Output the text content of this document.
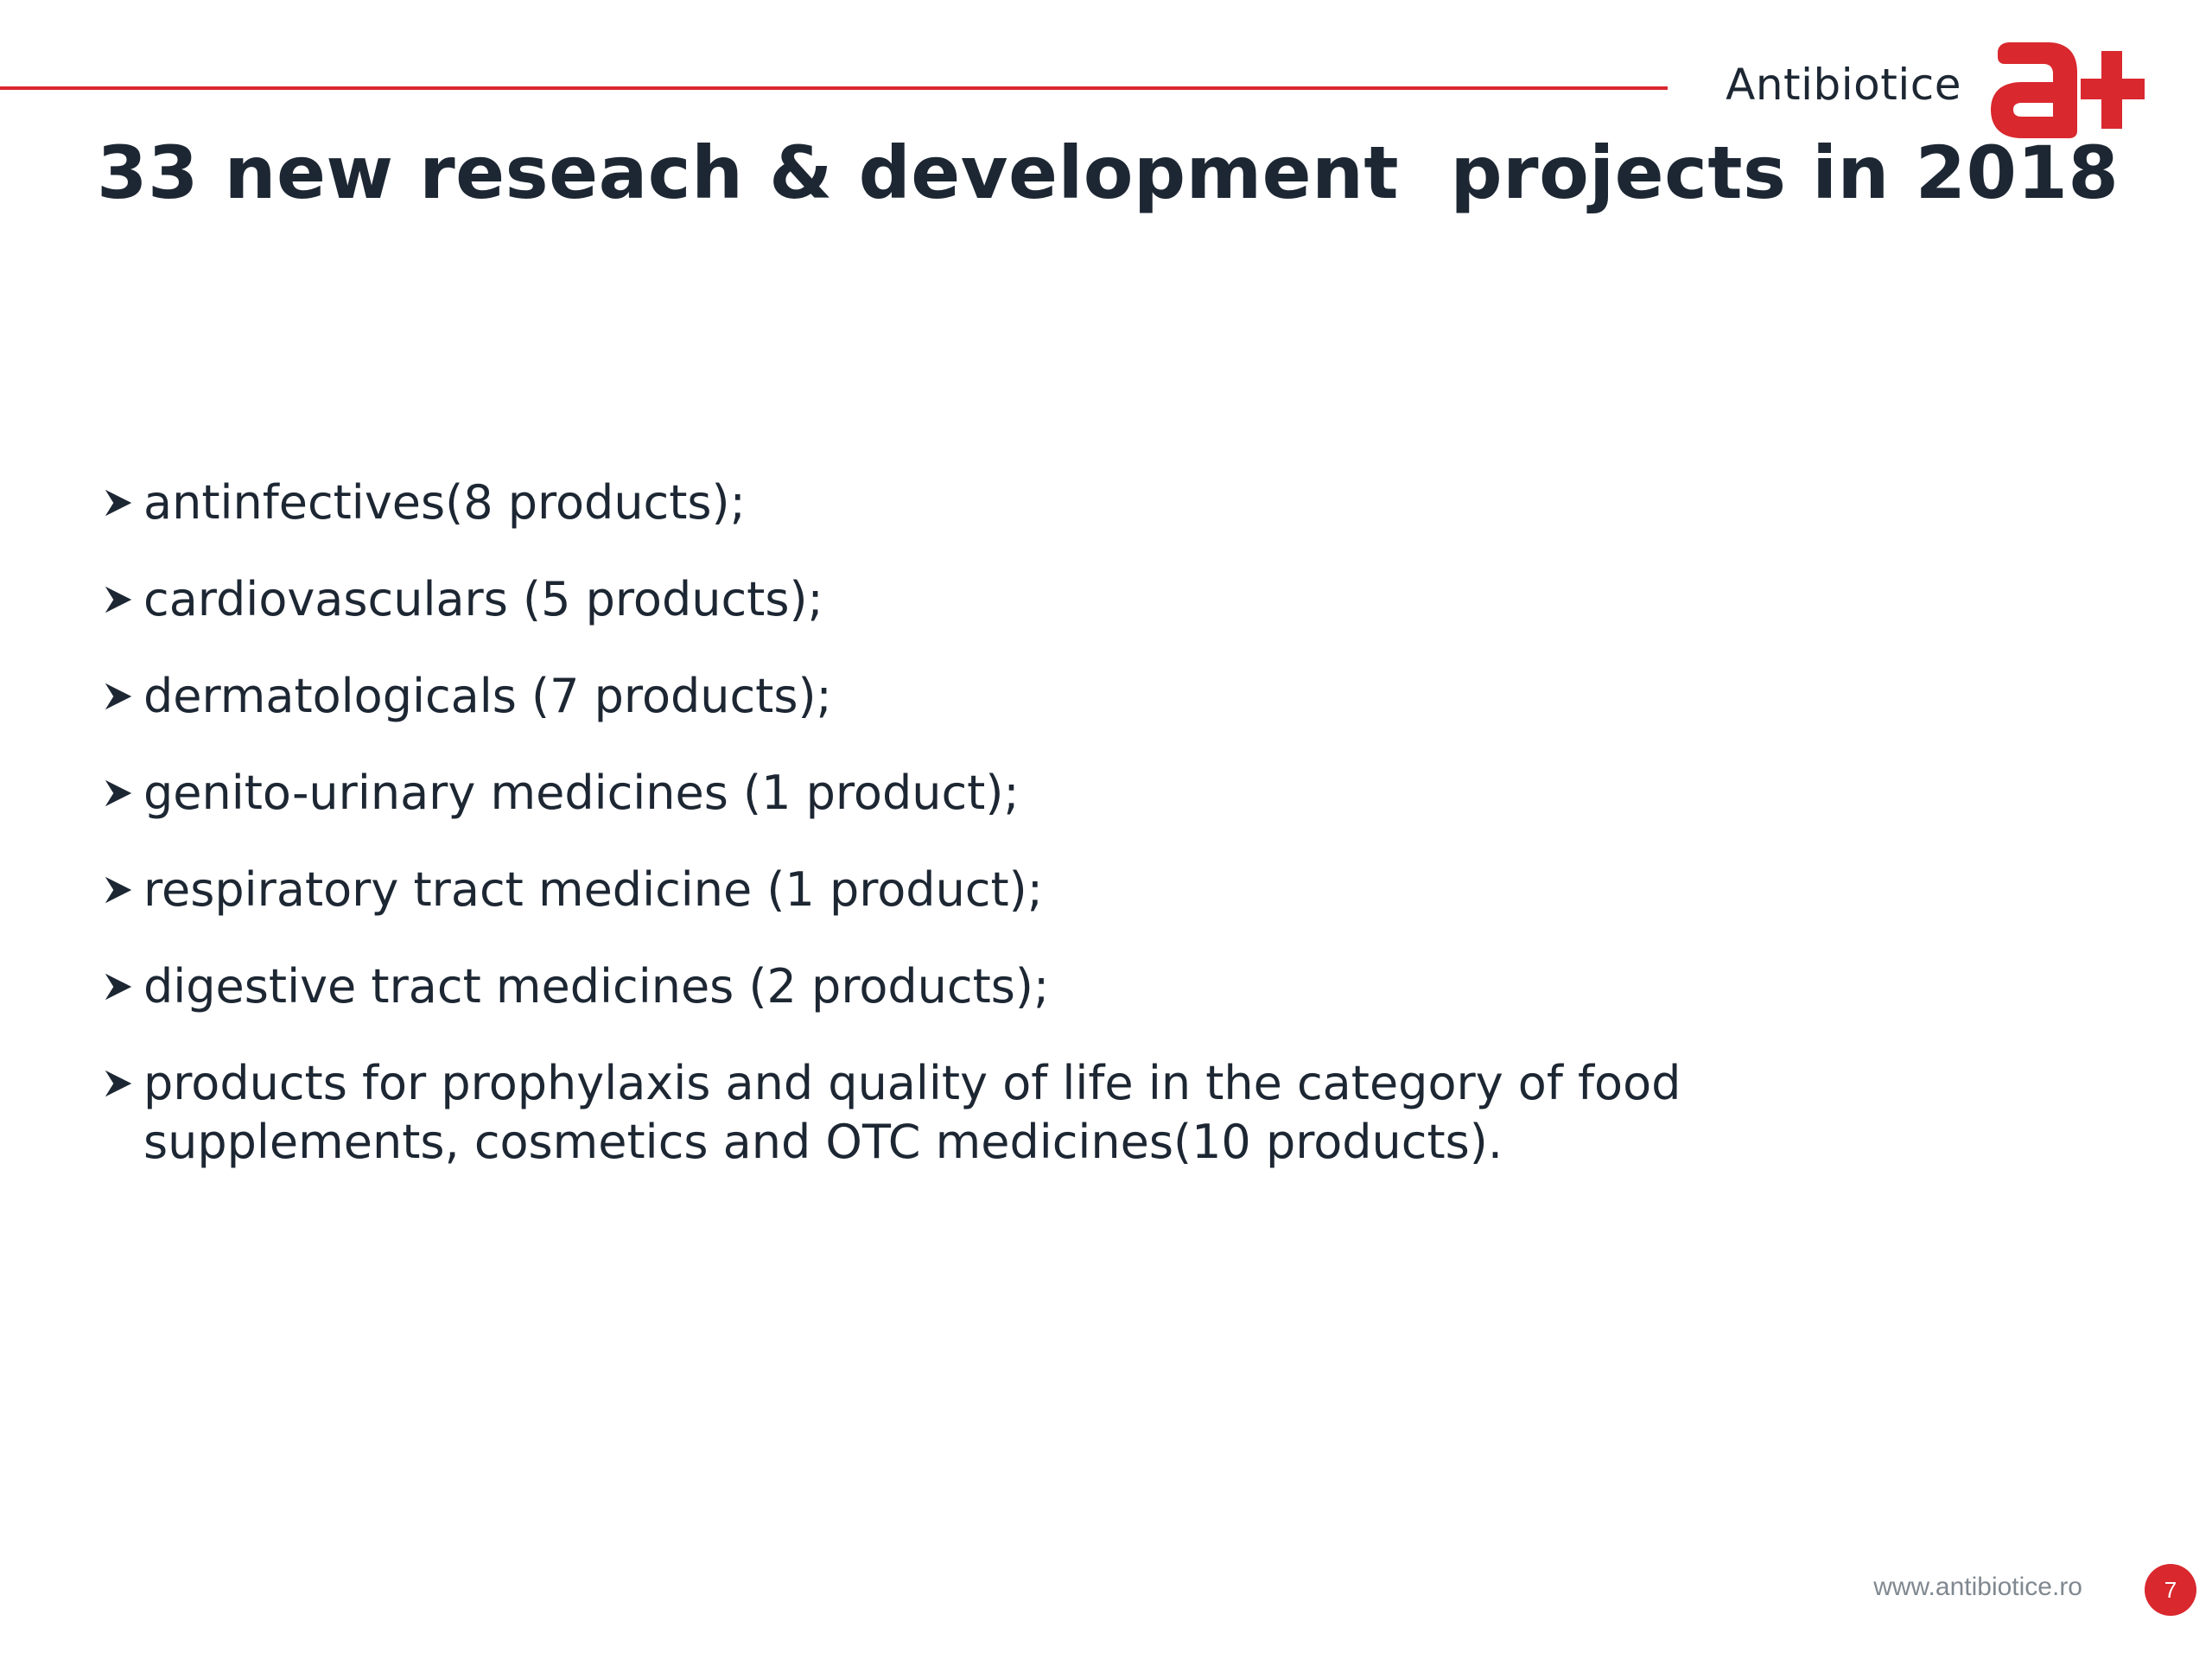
Antibiotice
33 new reseach & development  projects in 2018
antinfectives(8 products);
cardiovasculars (5 products);
dermatologicals (7 products);
genito-urinary medicines (1 product);
respiratory tract medicine (1 product);
digestive tract medicines (2 products);
products for prophylaxis and quality of life in the category of food supplements, cosmetics and OTC medicines(10 products).
www.antibiotice.ro	7
